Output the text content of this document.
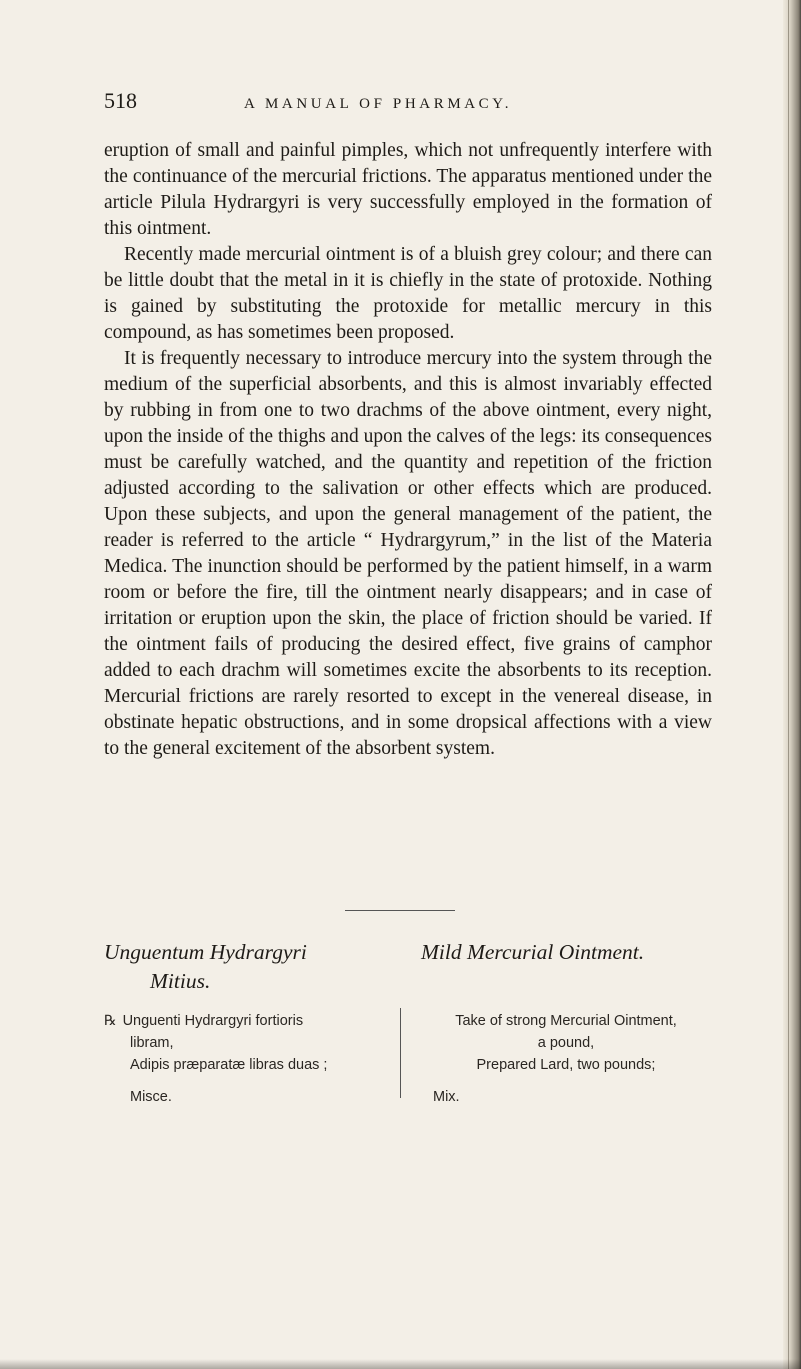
518	A MANUAL OF PHARMACY.

eruption of small and painful pimples, which not unfrequently interfere with the continuance of the mercurial frictions. The apparatus mentioned under the article Pilula Hydrargyri is very successfully employed in the formation of this ointment.

Recently made mercurial ointment is of a bluish grey colour; and there can be little doubt that the metal in it is chiefly in the state of protoxide. Nothing is gained by substituting the protoxide for metallic mercury in this compound, as has sometimes been proposed.

It is frequently necessary to introduce mercury into the system through the medium of the superficial absorbents, and this is almost invariably effected by rubbing in from one to two drachms of the above ointment, every night, upon the inside of the thighs and upon the calves of the legs: its consequences must be carefully watched, and the quantity and repetition of the friction adjusted according to the salivation or other effects which are produced. Upon these subjects, and upon the general management of the patient, the reader is referred to the article “ Hydrargyrum,” in the list of the Materia Medica. The inunction should be performed by the patient himself, in a warm room or before the fire, till the ointment nearly disappears; and in case of irritation or eruption upon the skin, the place of friction should be varied. If the ointment fails of producing the desired effect, five grains of camphor added to each drachm will sometimes excite the absorbents to its reception. Mercurial frictions are rarely resorted to except in the venereal disease, in obstinate hepatic obstructions, and in some dropsical affections with a view to the general excitement of the absorbent system.

Unguentum Hydrargyri
Mitius.

Mild Mercurial Ointment.

℞ Unguenti Hydrargyri fortioris
libram,
Adipis præparatæ libras duas ;
Misce.
Take of strong Mercurial Ointment,
a pound,
Prepared Lard, two pounds;
Mix.
